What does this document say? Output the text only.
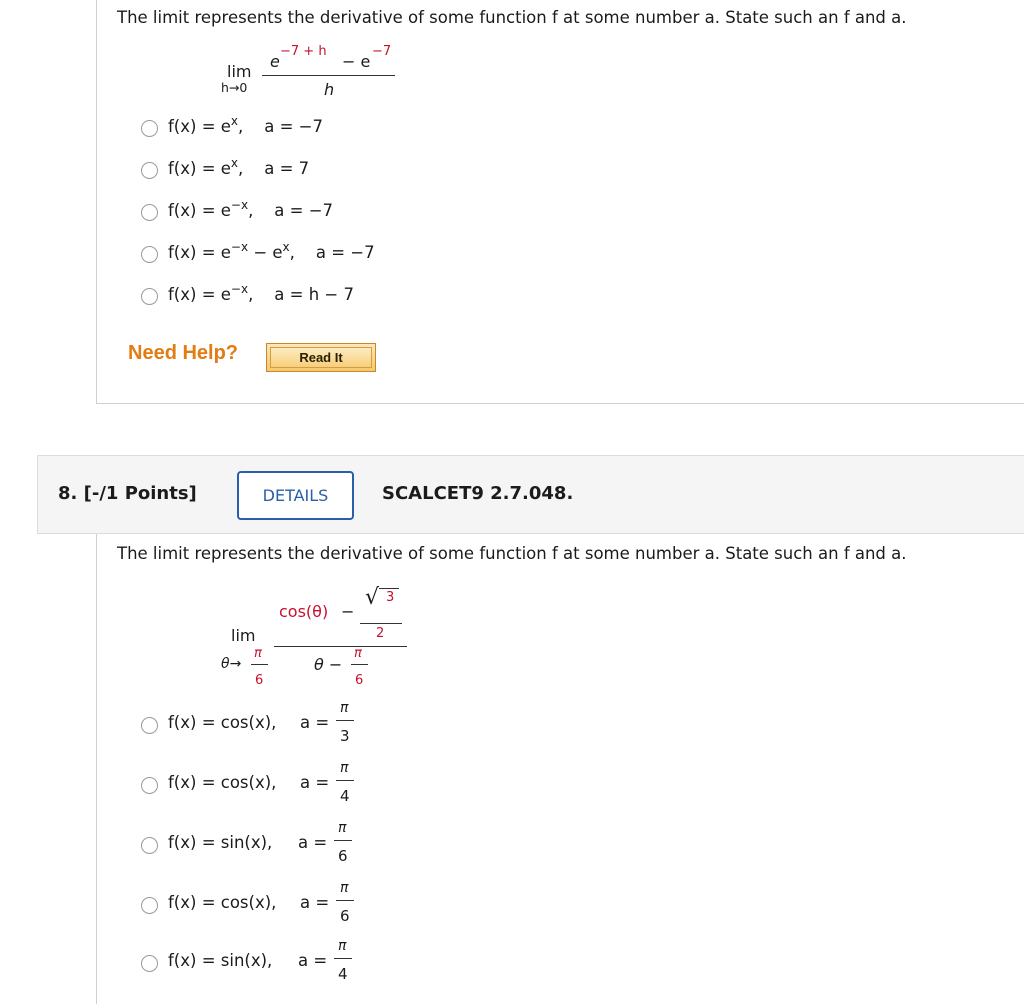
The limit represents the derivative of some function f at some number a. State such an f and a.
lim
h→0
e
−7 + h
− e
−7
h
$f(x) = e^x$,    a = −7
$f(x) = e^x$,    a = 7
$f(x) = e^{-x}$,    a = −7
$f(x) = e^{-x} - e^x$,    a = −7
$f(x) = e^{-x}$,    a = h − 7
Need Help?	Read It
8. [-/1 Points]	DETAILS	SCALCET9 2.7.048.
The limit represents the derivative of some function f at some number a. State such an f and a.
lim
θ→
π
6
cos(θ) −
√ 3
2
θ −
π
6
f(x) = cos(x), a =
π
3
f(x) = cos(x), a =
π
4
f(x) = sin(x), a =
π
6
f(x) = cos(x), a =
π
6
f(x) = sin(x), a =
π
4
